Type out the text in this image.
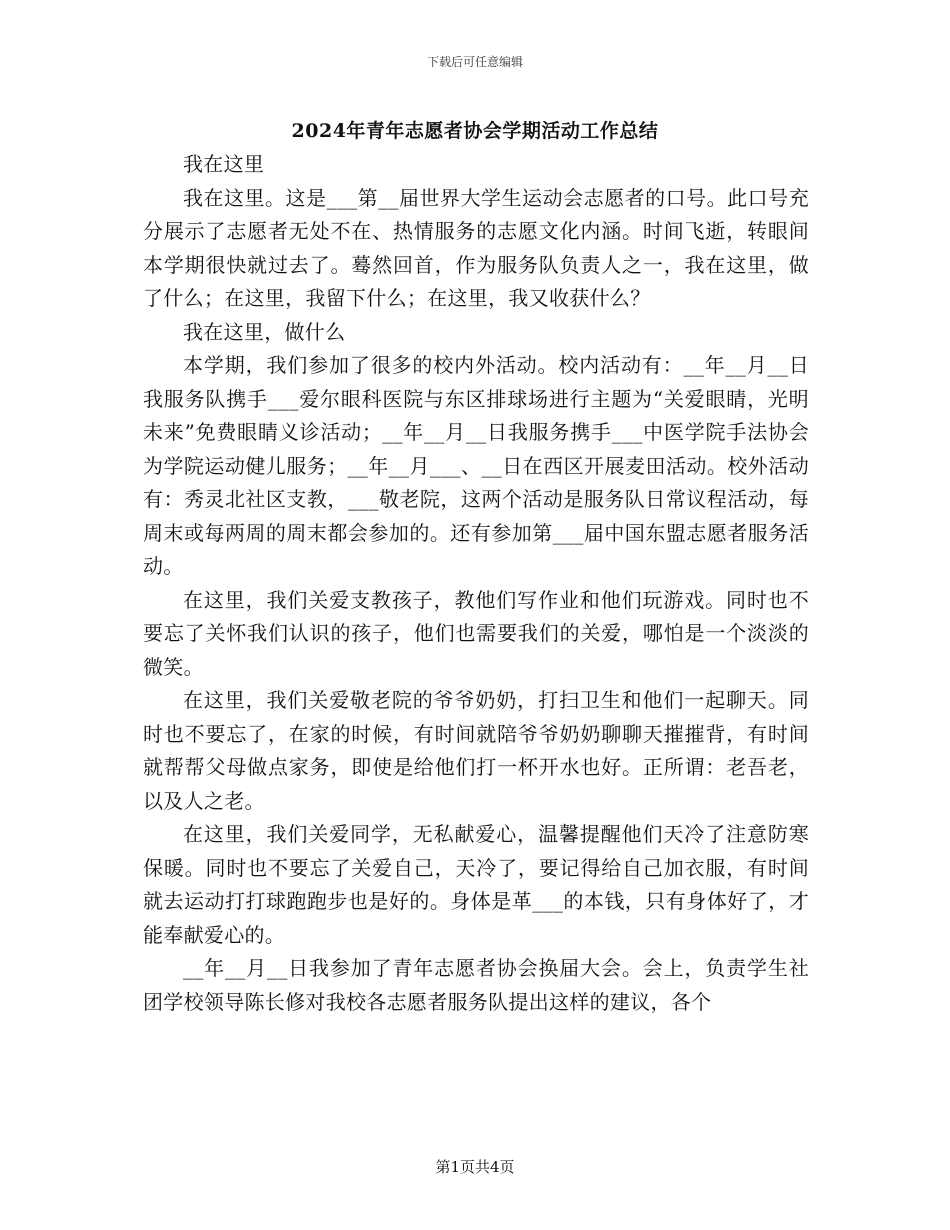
下载后可任意编辑
2024年青年志愿者协会学期活动工作总结

我在这里

我在这里。这是___第__届世界大学生运动会志愿者的口号。此口号充分展示了志愿者无处不在、热情服务的志愿文化内涵。时间飞逝，转眼间本学期很快就过去了。蓦然回首，作为服务队负责人之一，我在这里，做了什么；在这里，我留下什么；在这里，我又收获什么？

我在这里，做什么

本学期，我们参加了很多的校内外活动。校内活动有：__年__月__日我服务队携手___爱尔眼科医院与东区排球场进行主题为“关爱眼睛，光明未来”免费眼睛义诊活动；__年__月__日我服务携手___中医学院手法协会为学院运动健儿服务；__年__月___、__日在西区开展麦田活动。校外活动有：秀灵北社区支教，___敬老院，这两个活动是服务队日常议程活动，每周末或每两周的周末都会参加的。还有参加第___届中国东盟志愿者服务活动。

在这里，我们关爱支教孩子，教他们写作业和他们玩游戏。同时也不要忘了关怀我们认识的孩子，他们也需要我们的关爱，哪怕是一个淡淡的微笑。

在这里，我们关爱敬老院的爷爷奶奶，打扫卫生和他们一起聊天。同时也不要忘了，在家的时候，有时间就陪爷爷奶奶聊聊天摧摧背，有时间就帮帮父母做点家务，即使是给他们打一杯开水也好。正所谓：老吾老，以及人之老。

在这里，我们关爱同学，无私献爱心，温馨提醒他们天冷了注意防寒保暖。同时也不要忘了关爱自己，天冷了，要记得给自己加衣服，有时间就去运动打打球跑跑步也是好的。身体是革___的本钱，只有身体好了，才能奉献爱心的。

__年__月__日我参加了青年志愿者协会换届大会。会上，负责学生社团学校领导陈长修对我校各志愿者服务队提出这样的建议，各个

第1页共4页
